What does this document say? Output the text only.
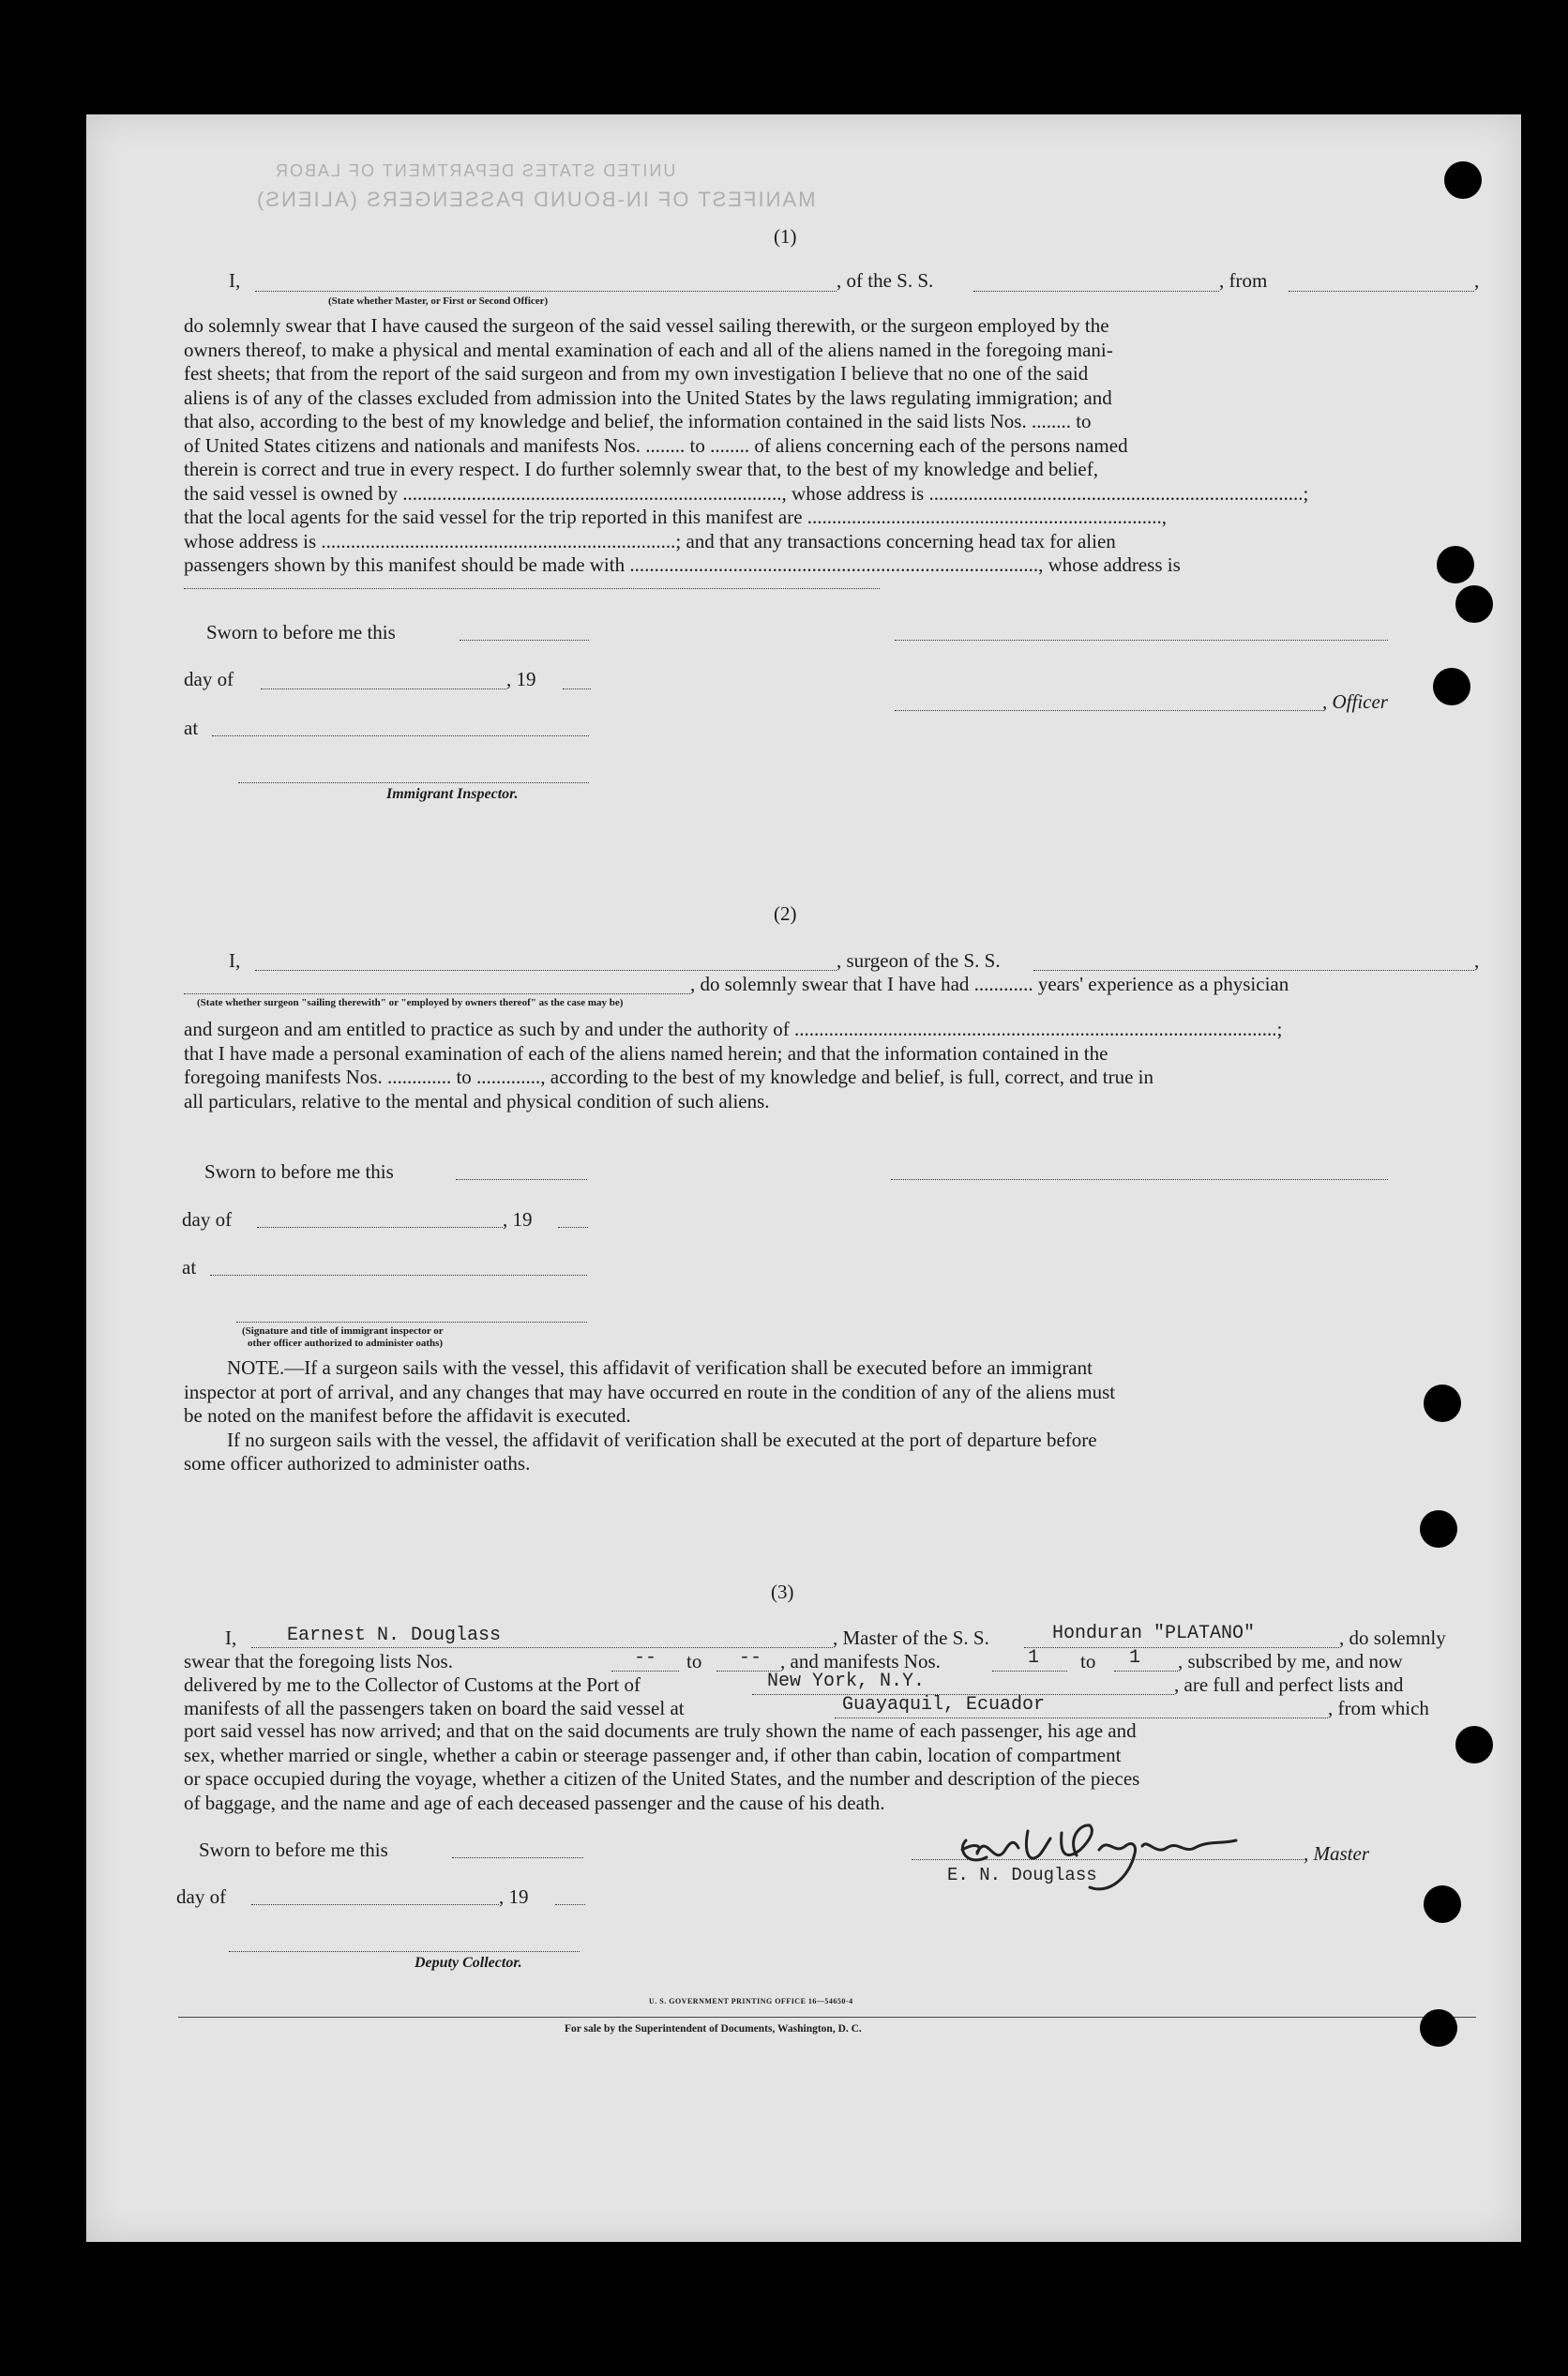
MANIFEST OF IN-BOUND PASSENGERS (ALIENS)
UNITED STATES DEPARTMENT OF LABOR
(1)
I,
(State whether Master, or First or Second Officer)
, of the S. S.	, from	,
do solemnly swear that I have caused the surgeon of the said vessel sailing therewith, or the surgeon employed by the
owners thereof, to make a physical and mental examination of each and all of the aliens named in the foregoing mani-
fest sheets; that from the report of the said surgeon and from my own investigation I believe that no one of the said
aliens is of any of the classes excluded from admission into the United States by the laws regulating immigration; and
that also, according to the best of my knowledge and belief, the information contained in the said lists Nos. ........ to
of United States citizens and nationals and manifests Nos. ........ to ........ of aliens concerning each of the persons named
therein is correct and true in every respect. I do further solemnly swear that, to the best of my knowledge and belief,
the said vessel is owned by ............................................................................., whose address is ............................................................................;
that the local agents for the said vessel for the trip reported in this manifest are ........................................................................,
whose address is ........................................................................; and that any transactions concerning head tax for alien
passengers shown by this manifest should be made with ..................................................................................., whose address is
Sworn to before me this
day of	, 19
, Officer
at
Immigrant Inspector.
(2)
I,	, surgeon of the S. S.	,
, do solemnly swear that I have had ............ years' experience as a physician
(State whether surgeon "sailing therewith" or "employed by owners thereof" as the case may be)
and surgeon and am entitled to practice as such by and under the authority of ..................................................................................................;
that I have made a personal examination of each of the aliens named herein; and that the information contained in the
foregoing manifests Nos. ............. to ............., according to the best of my knowledge and belief, is full, correct, and true in
all particulars, relative to the mental and physical condition of such aliens.
Sworn to before me this
day of	, 19
at
(Signature and title of immigrant inspector or
other officer authorized to administer oaths)
NOTE.—If a surgeon sails with the vessel, this affidavit of verification shall be executed before an immigrant
inspector at port of arrival, and any changes that may have occurred en route in the condition of any of the aliens must
be noted on the manifest before the affidavit is executed.
If no surgeon sails with the vessel, the affidavit of verification shall be executed at the port of departure before
some officer authorized to administer oaths.
(3)
I,	Earnest N. Douglass	, Master of the S. S.	Honduran "PLATANO"	, do solemnly
swear that the foregoing lists Nos.	-- to -- , and manifests Nos.	1 to 1 , subscribed by me, and now
delivered by me to the Collector of Customs at the Port of	New York, N.Y.	, are full and perfect lists and
manifests of all the passengers taken on board the said vessel at	Guayaquil, Ecuador	, from which
port said vessel has now arrived; and that on the said documents are truly shown the name of each passenger, his age and
sex, whether married or single, whether a cabin or steerage passenger and, if other than cabin, location of compartment
or space occupied during the voyage, whether a citizen of the United States, and the number and description of the pieces
of baggage, and the name and age of each deceased passenger and the cause of his death.
Sworn to before me this
day of	, 19
Deputy Collector.
, Master
E. N. Douglass
U. S. GOVERNMENT PRINTING OFFICE 16—54650-4
For sale by the Superintendent of Documents, Washington, D. C.
